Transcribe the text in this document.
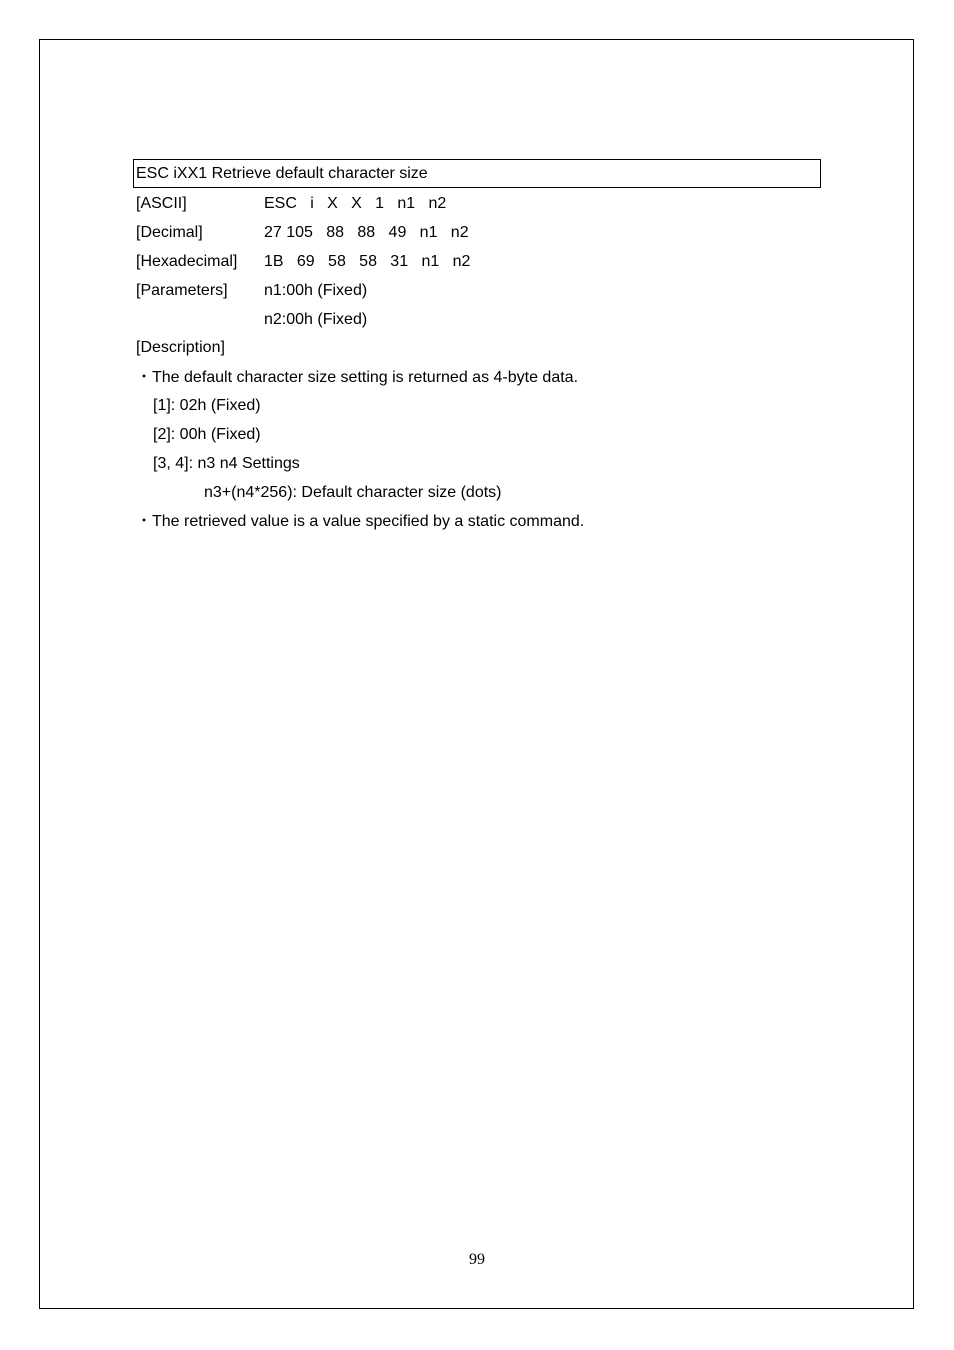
ESC iXX1 Retrieve default character size
[ASCII]	ESC   i   X   X   1   n1   n2
[Decimal]	27 105   88   88   49   n1   n2
[Hexadecimal] 1B   69   58   58   31   n1   n2
[Parameters] n1:00h (Fixed)
n2:00h (Fixed)
[Description]
・The default character size setting is returned as 4-byte data.
[1]: 02h (Fixed)
[2]: 00h (Fixed)
[3, 4]: n3 n4 Settings
n3+(n4*256): Default character size (dots)
・The retrieved value is a value specified by a static command.
99
